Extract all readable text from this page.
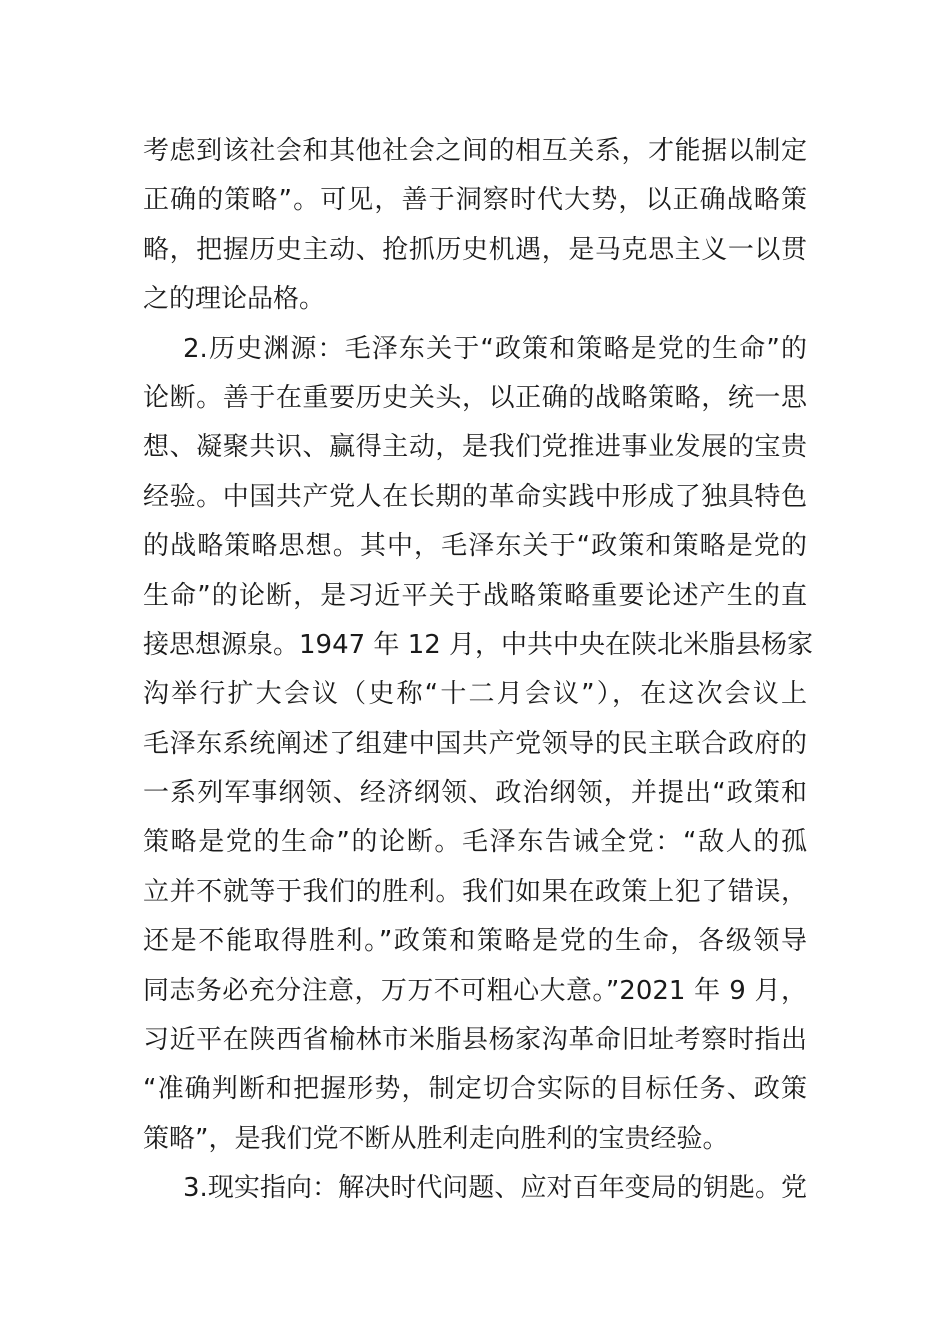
考虑到该社会和其他社会之间的相互关系，才能据以制定
正确的策略”。可见，善于洞察时代大势，以正确战略策
略，把握历史主动、抢抓历史机遇，是马克思主义一以贯
之的理论品格。
2.历史渊源：毛泽东关于“政策和策略是党的生命”的
论断。善于在重要历史关头，以正确的战略策略，统一思
想、凝聚共识、赢得主动，是我们党推进事业发展的宝贵
经验。中国共产党人在长期的革命实践中形成了独具特色
的战略策略思想。其中，毛泽东关于“政策和策略是党的
生命”的论断，是习近平关于战略策略重要论述产生的直
接思想源泉。1947 年 12 月，中共中央在陕北米脂县杨家
沟举行扩大会议（史称“十二月会议”），在这次会议上
毛泽东系统阐述了组建中国共产党领导的民主联合政府的
一系列军事纲领、经济纲领、政治纲领，并提出“政策和
策略是党的生命”的论断。毛泽东告诫全党：“敌人的孤
立并不就等于我们的胜利。我们如果在政策上犯了错误，
还是不能取得胜利。”政策和策略是党的生命，各级领导
同志务必充分注意，万万不可粗心大意。”2021 年 9 月，
习近平在陕西省榆林市米脂县杨家沟革命旧址考察时指出
“准确判断和把握形势，制定切合实际的目标任务、政策
策略”，是我们党不断从胜利走向胜利的宝贵经验。
3.现实指向：解决时代问题、应对百年变局的钥匙。党
